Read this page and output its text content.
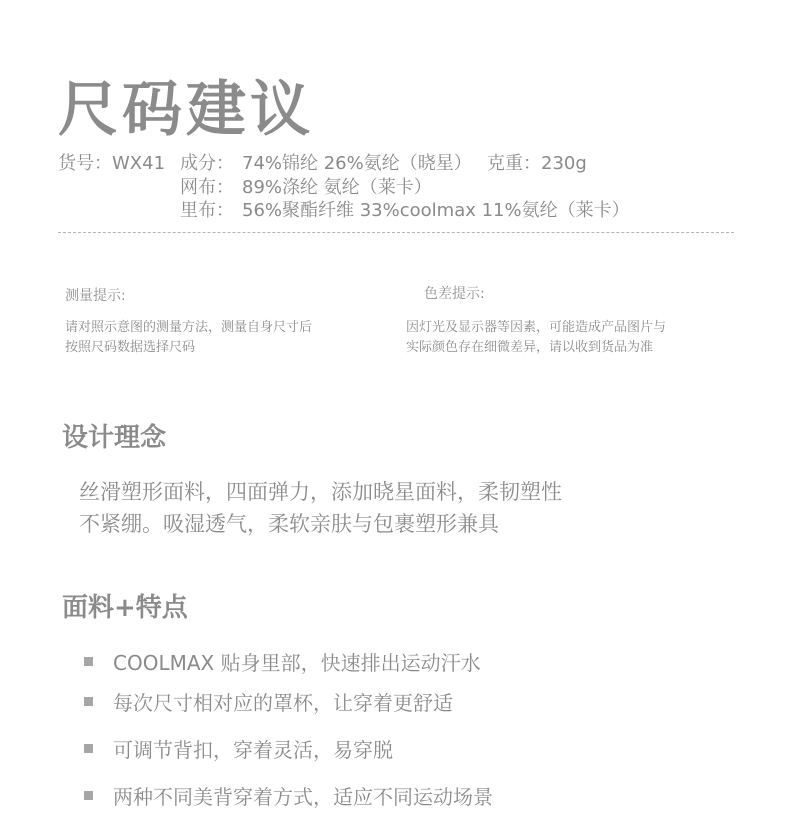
尺码建议
货号：WX41 成分： 74%锦纶 26%氨纶（晓星） 克重：230g
网布： 89%涤纶 氨纶（莱卡）
里布： 56%聚酯纤维 33%coolmax 11%氨纶（莱卡）
测量提示:
请对照示意图的测量方法，测量自身尺寸后
按照尺码数据选择尺码
色差提示:
因灯光及显示器等因素，可能造成产品图片与
实际颜色存在细微差异，请以收到货品为准
设计理念
丝滑塑形面料，四面弹力，添加晓星面料，柔韧塑性
不紧绷。吸湿透气，柔软亲肤与包裹塑形兼具
面料+特点
COOLMAX 贴身里部，快速排出运动汗水
每次尺寸相对应的罩杯，让穿着更舒适
可调节背扣，穿着灵活，易穿脱
两种不同美背穿着方式，适应不同运动场景
